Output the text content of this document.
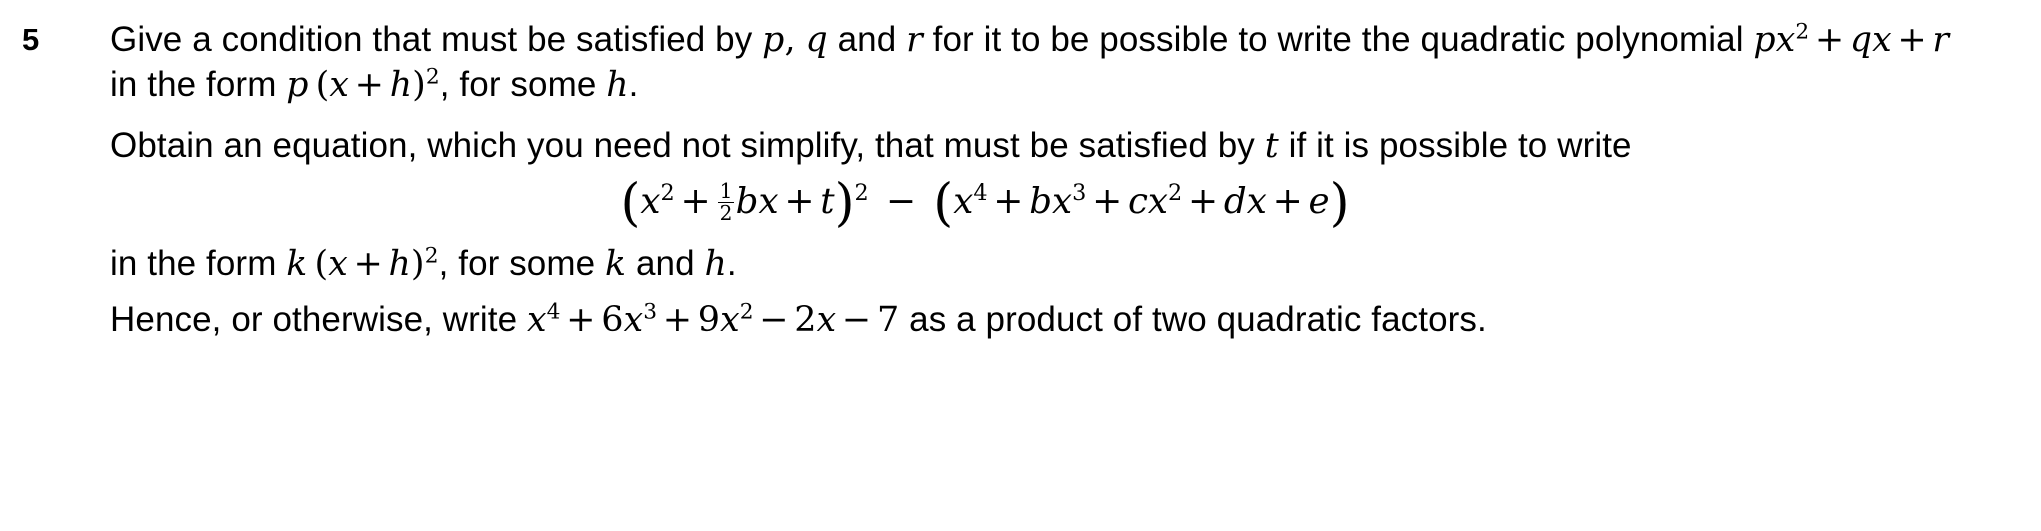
5	Give a condition that must be satisfied by p, q and r for it to be possible to write the quadratic polynomial $px^2$ + qx + r in the form p $(x + h)^2$, for some h.

Obtain an equation, which you need not simplify, that must be satisfied by t if it is possible to write

($x^2 + \frac{1}{2}$ bx + $t)^2 - (x^4 + bx^3 + cx^2$ + dx + e)

in the form k $(x + h)^2$, for some k and h.

Hence, or otherwise, write $x^4 + 6x^3 + 9x^2 - 2x - 7$ as a product of two quadratic factors.
